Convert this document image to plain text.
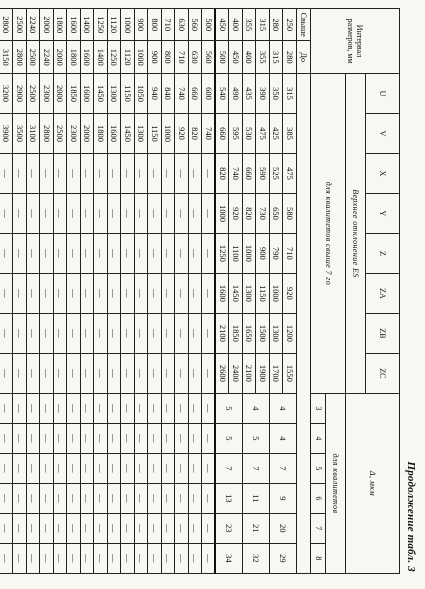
Продолжение табл. 3
Интервал размеров, мм		U	V	X	Y	Z	ZA	ZB	ZC	Δ, мкм					
		Верхнее отклонение ES													
		для квалитетов свыше 7 го								для квалитетов					
										3	4	5	6	7	8
Свыше	До														
250	280	315	385	475	580	710	920	1200	1550	4	4	7	9	20	29
280	315	350	425	525	650	790	1000	1300	1700						
315	355	390	475	590	730	900	1150	1500	1900	4	5	7	11	21	32
355	400	435	530	660	820	1000	1300	1650	2100						
400	450	490	595	740	920	1100	1450	1850	2400	5	5	7	13	23	34
450	500	540	660	820	1000	1250	1600	2100	2600						
500	560	600	740	—	—	—	—	—	—	—	—	—	—	—	—
560	630	660	820	—	—	—	—	—	—	—	—	—	—	—	—
630	710	740	920	—	—	—	—	—	—	—	—	—	—	—	—
710	800	840	1000	—	—	—	—	—	—	—	—	—	—	—	—
800	900	940	1150	—	—	—	—	—	—	—	—	—	—	—	—
900	1000	1050	1300	—	—	—	—	—	—	—	—	—	—	—	—
1000	1120	1150	1450	—	—	—	—	—	—	—	—	—	—	—	—
1120	1250	1300	1600	—	—	—	—	—	—	—	—	—	—	—	—
1250	1400	1450	1800	—	—	—	—	—	—	—	—	—	—	—	—
1400	1600	1600	2000	—	—	—	—	—	—	—	—	—	—	—	—
1600	1800	1850	2300	—	—	—	—	—	—	—	—	—	—	—	—
1800	2000	2000	2500	—	—	—	—	—	—	—	—	—	—	—	—
2000	2240	2300	2800	—	—	—	—	—	—	—	—	—	—	—	—
2240	2500	2500	3100	—	—	—	—	—	—	—	—	—	—	—	—
2500	2800	2900	3500	—	—	—	—	—	—	—	—	—	—	—	—
2800	3150	3200	3900	—	—	—	—	—	—	—	—	—	—	—	—
